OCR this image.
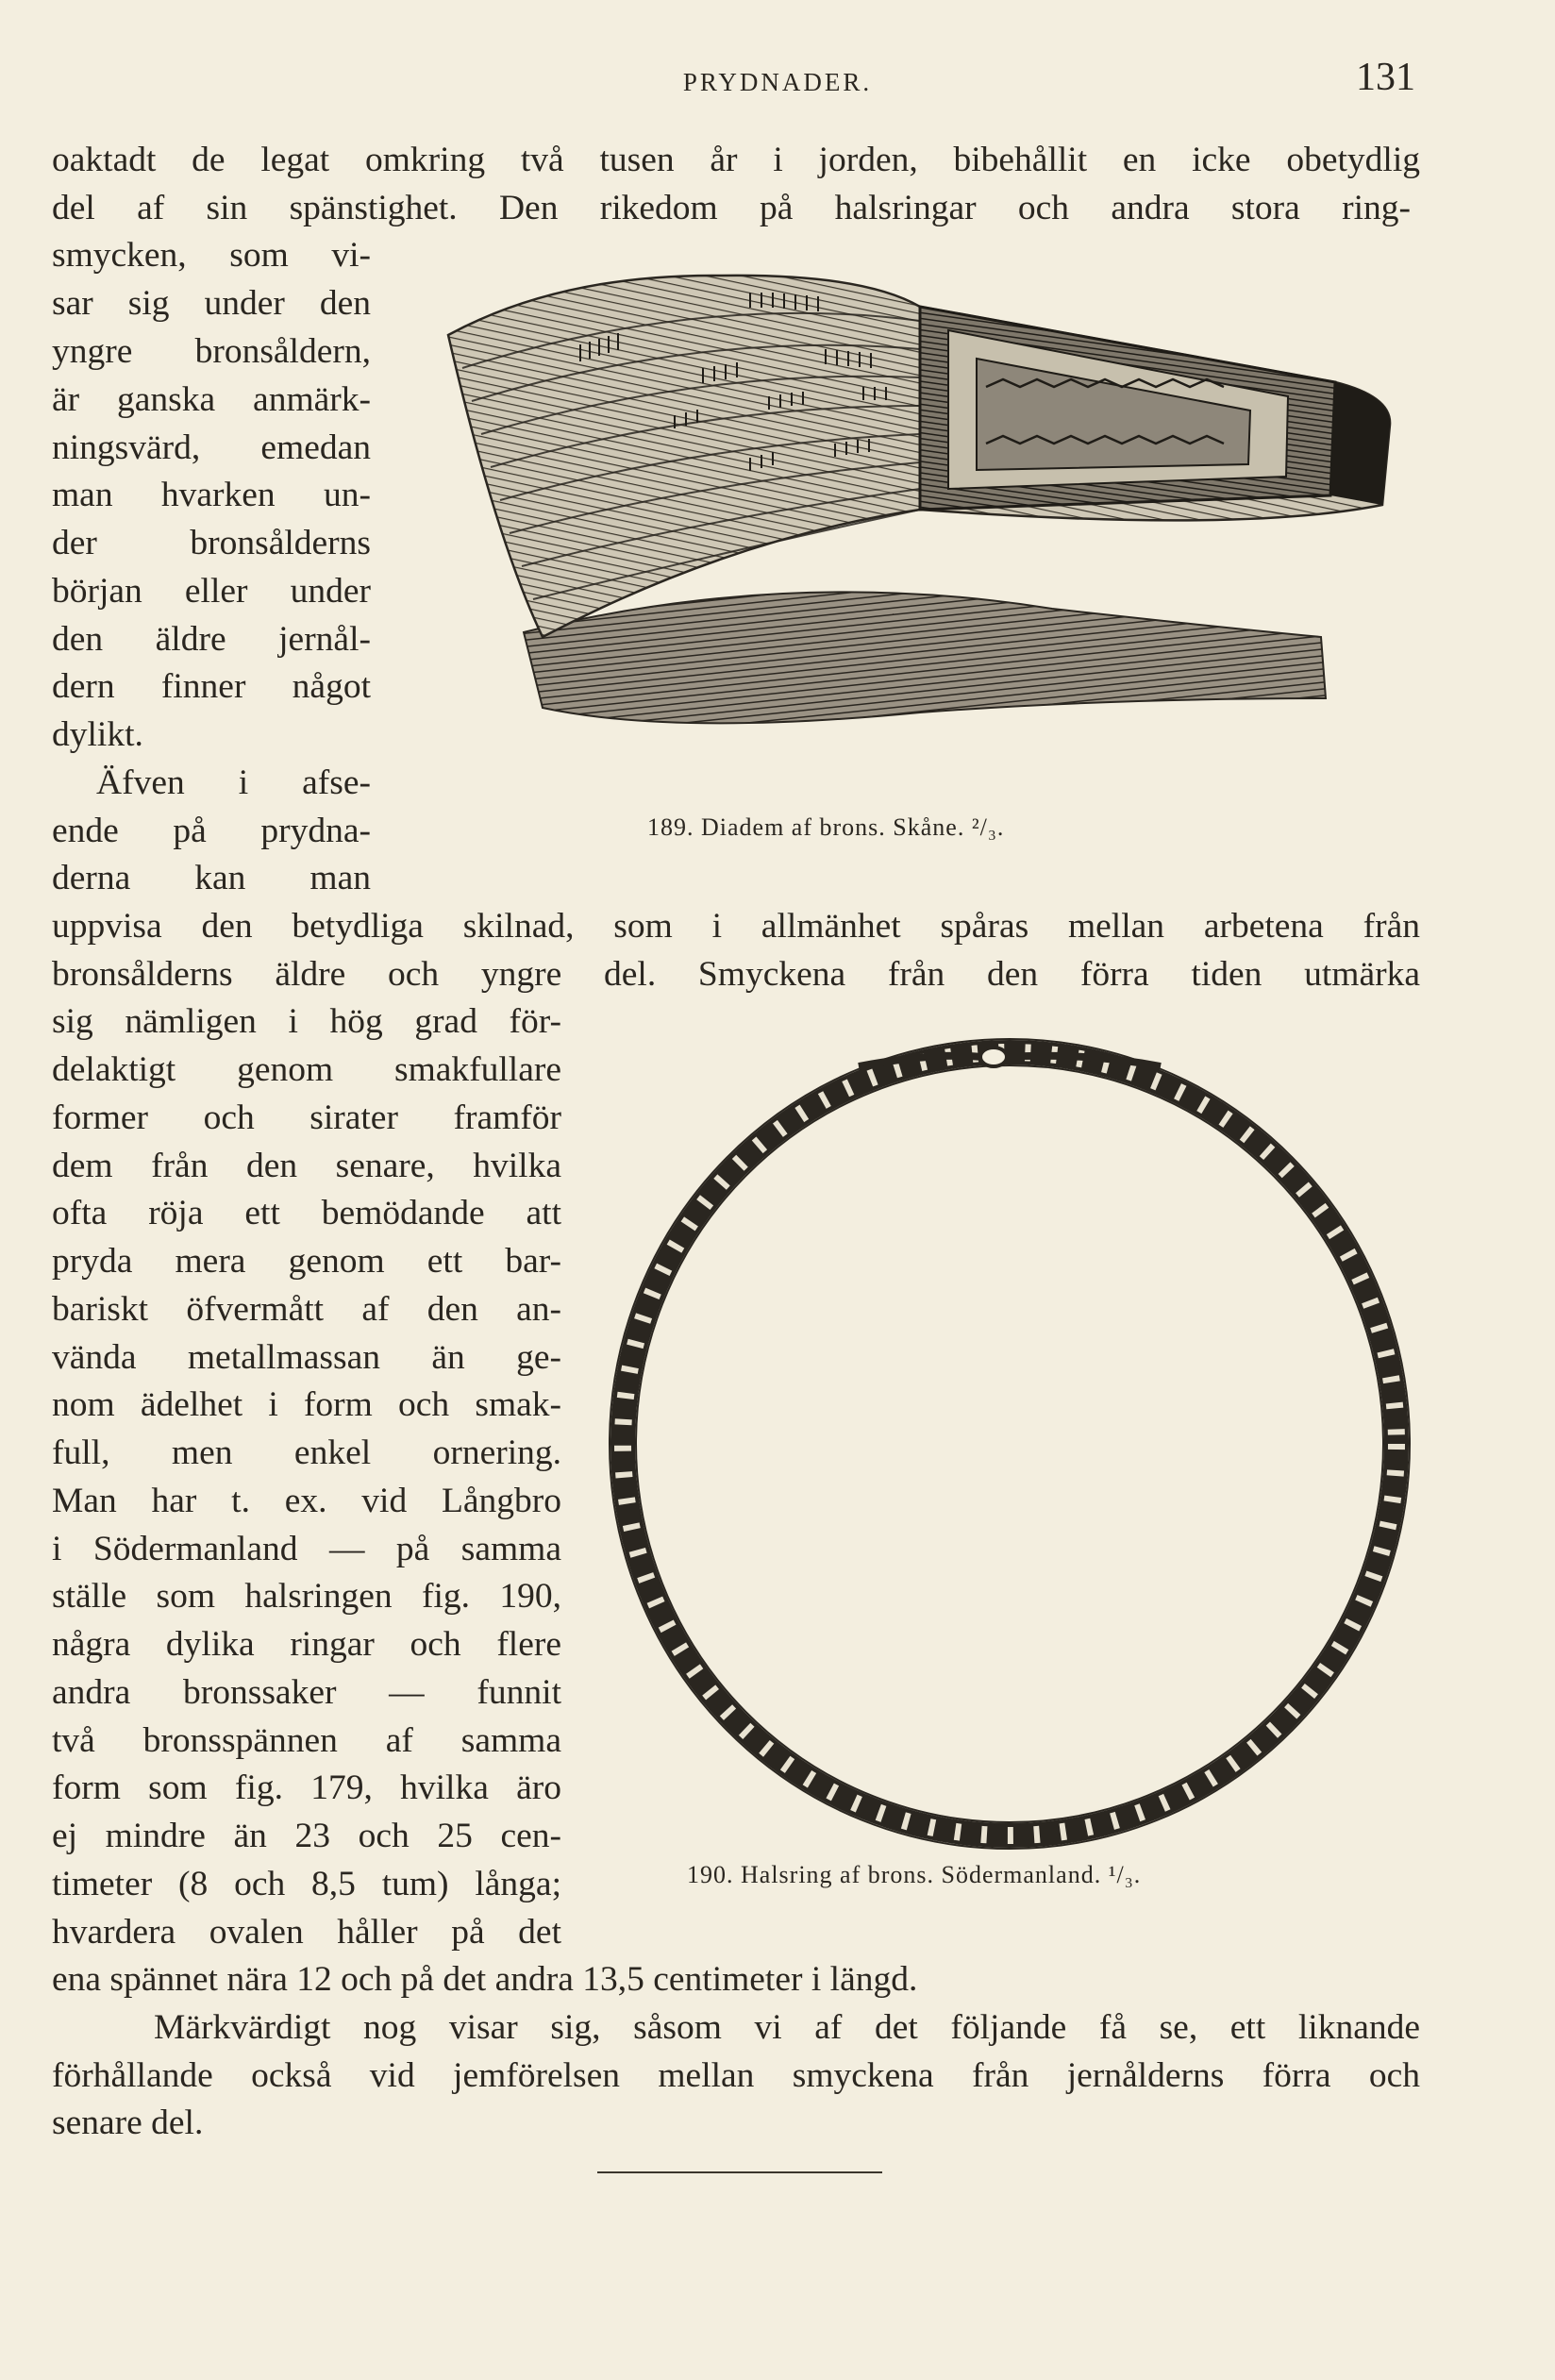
PRYDNADER.	131
oaktadt de legat omkring två tusen år i jorden, bibehållit en icke obetydlig
del af sin spänstighet. Den rikedom på halsringar och andra stora ring-
smycken, som vi-
sar sig under den
yngre bronsåldern,
är ganska anmärk-
ningsvärd, emedan
man hvarken un-
der bronsålderns
början eller under
den äldre jernål-
dern finner något
dylikt.
Äfven i afse-
ende på prydna-
derna kan man
uppvisa den betydliga skilnad, som i allmänhet spåras mellan arbetena från
bronsålderns äldre och yngre del. Smyckena från den förra tiden utmärka
sig nämligen i hög grad för-
delaktigt genom smakfullare
former och sirater framför
dem från den senare, hvilka
ofta röja ett bemödande att
pryda mera genom ett bar-
bariskt öfvermått af den an-
vända metallmassan än ge-
nom ädelhet i form och smak-
full, men enkel ornering.
Man har t. ex. vid Långbro
i Södermanland — på samma
ställe som halsringen fig. 190,
några dylika ringar och flere
andra bronssaker — funnit
två bronsspännen af samma
form som fig. 179, hvilka äro
ej mindre än 23 och 25 cen-
timeter (8 och 8,5 tum) långa;
hvardera ovalen håller på det
ena spännet nära 12 och på det andra 13,5 centimeter i längd.
Märkvärdigt nog visar sig, såsom vi af det följande få se, ett liknande
förhållande också vid jemförelsen mellan smyckena från jernålderns förra och
senare del.
189. Diadem af brons. Skåne. ²/₃.
190. Halsring af brons. Södermanland. ¹/₃.
